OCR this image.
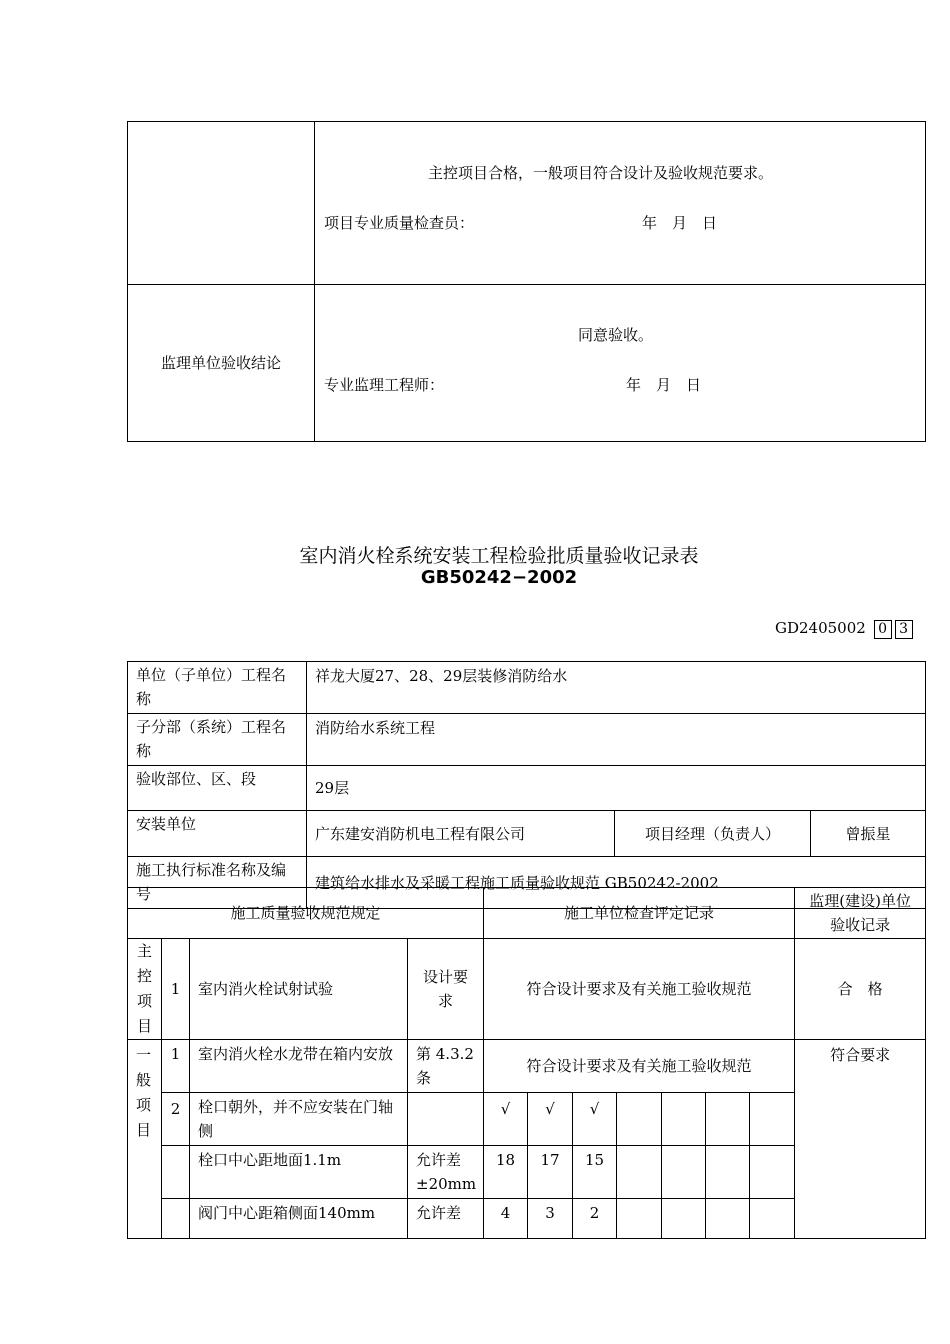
	主控项目合格，一般项目符合设计及验收规范要求。
项目专业质量检查员： 年　月　日

监理单位验收结论	同意验收。
专业监理工程师： 年　月　日
室内消火栓系统安装工程检验批质量验收记录表
GB50242−2002
GD2405002 0 3
单位（子单位）工程名称	祥龙大厦27、28、29层装修消防给水		
子分部（系统）工程名称	消防给水系统工程		
验收部位、区、段	29层		
安装单位	广东建安消防机电工程有限公司	项目经理（负责人）	曾振星
施工执行标准名称及编号	建筑给水排水及采暖工程施工质量验收规范 GB50242-2002		
施工质量验收规范规定				施工单位检查评定记录							监理(建设)单位验收记录
主控项目	1	室内消火栓试射试验	设计要求	符合设计要求及有关施工验收规范							合　格
一般项目	1	室内消火栓水龙带在箱内安放	第 4.3.2 条	符合设计要求及有关施工验收规范							符合要求
	2	栓口朝外，并不应安装在门轴侧		√	√	√					
		栓口中心距地面1.1m	允许差±20mm	18	17	15					
		阀门中心距箱侧面140mm	允许差	4	3	2					
